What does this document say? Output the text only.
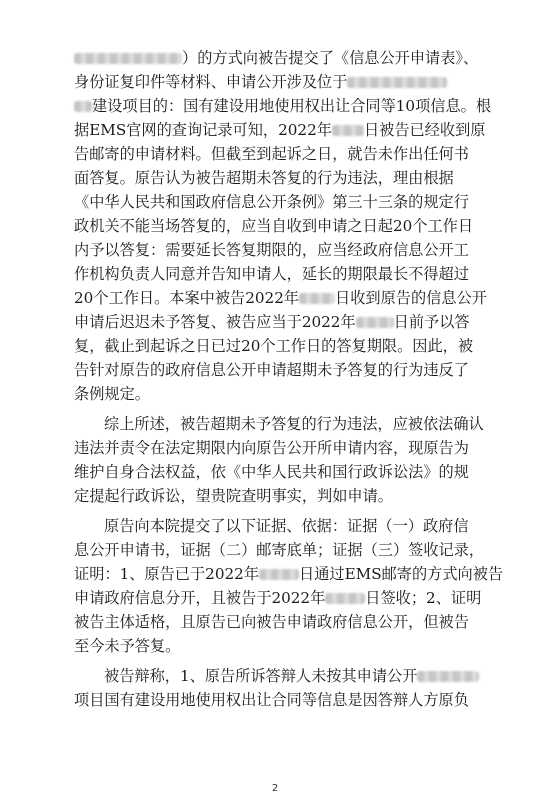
）的方式向被告提交了《信息公开申请表》、
身份证复印件等材料、申请公开涉及位于
建设项目的：国有建设用地使用权出让合同等10项信息。根
据EMS官网的查询记录可知，2022年 日被告已经收到原
告邮寄的申请材料。但截至到起诉之日，就告未作出任何书
面答复。原告认为被告超期未答复的行为违法，理由根据
《中华人民共和国政府信息公开条例》第三十三条的规定行
政机关不能当场答复的，应当自收到申请之日起20个工作日
内予以答复：需要延长答复期限的，应当经政府信息公开工
作机构负责人同意并告知申请人，延长的期限最长不得超过
20个工作日。本案中被告2022年 日收到原告的信息公开
申请后迟迟未予答复、被告应当于2022年	日前予以答
复，截止到起诉之日已过20个工作日的答复期限。因此，被
告针对原告的政府信息公开申请超期未予答复的行为违反了
条例规定。
综上所述，被告超期未予答复的行为违法，应被依法确认
违法并责令在法定期限内向原告公开所申请内容，现原告为
维护自身合法权益，依《中华人民共和国行政诉讼法》的规
定提起行政诉讼，望贵院查明事实，判如申请。
原告向本院提交了以下证据、依据：证据（一）政府信
息公开申请书，证据（二）邮寄底单；证据（三）签收记录，
证明：1、原告已于2022年	日通过EMS邮寄的方式向被告
申请政府信息分开，且被告于2022年	日签收；2、证明
被告主体适格，且原告已向被告申请政府信息公开，但被告
至今未予答复。
被告辩称，1、原告所诉答辩人未按其申请公开
项目国有建设用地使用权出让合同等信息是因答辩人方原负
2
